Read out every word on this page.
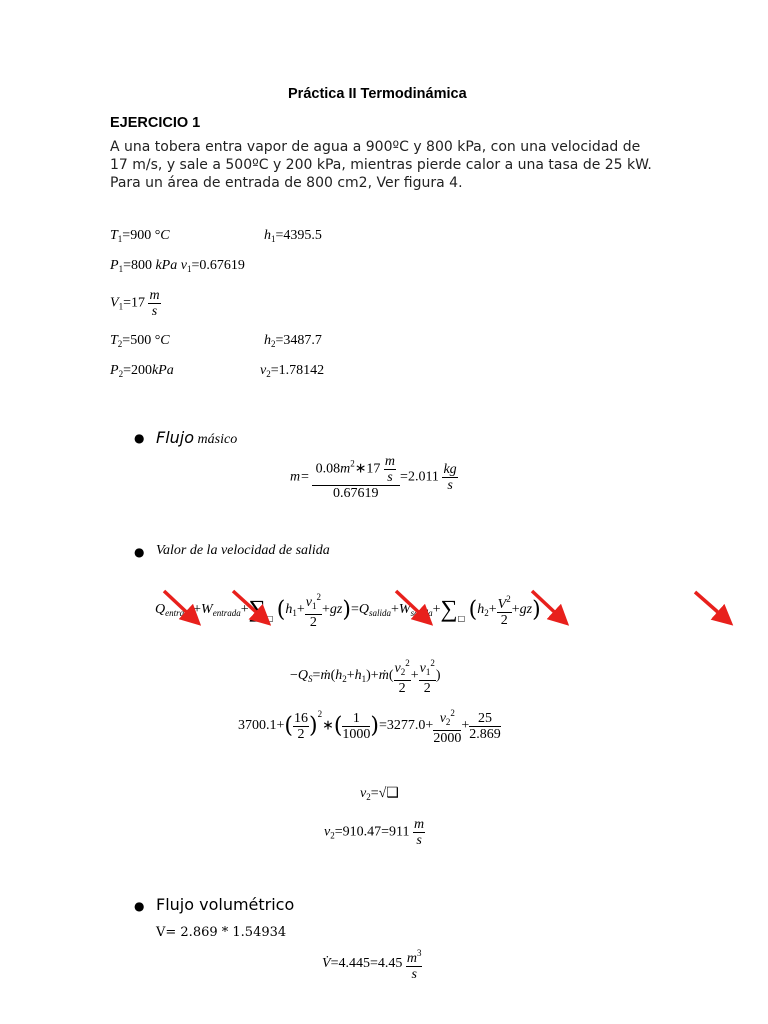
Práctica II Termodinámica
EJERCICIO 1
A una tobera entra vapor de agua a 900ºC y 800 kPa, con una velocidad de 17 m/s, y sale a 500ºC y 200 kPa, mientras pierde calor a una tasa de 25 kW. Para un área de entrada de 800 cm2, Ver figura 4.
$T_1=900$ °C	$h_1=4395.5$
$P_1=800$ kPa $v_1=0.67619$
$V_1=17 \frac{m}{s}$
$T_2=500$ °C	$h_2=3487.7$
$P_2=200kPa$	$v_2=1.78142$
● Flujo másico
$m= \frac{0.08m^2∗17 \frac{m}{s}}{0.67619} =2.011 \frac{kg}{s}$
● Valor de la velocidad de salida
$Q_{entrada}+W_{entrada}+\sum_□$ $(h_1+ \frac{v_1^2}{2} +gz)=Q_{salida}+W_{salida}+\sum_□$ $(h_2+ \frac{V^2}{2} +gz)$
$-Q_S=ṁ(h_2+h_1)+ṁ( \frac{v_2^2}{2} + \frac{v_1^2}{2}$ )
$3700.1+( \frac{16}{2}$ )$^2∗( \frac{1}{1000} )=3277.0+ \frac{v_2^2}{2000} + \frac{25}{2.869}$
$v_2=√❑$
$v_2=910.47=911 \frac{m}{s}$
● Flujo volumétrico
V= 2.869 * 1.54934
V̇=4.445=4.45 $\frac{m^3}{s}$
